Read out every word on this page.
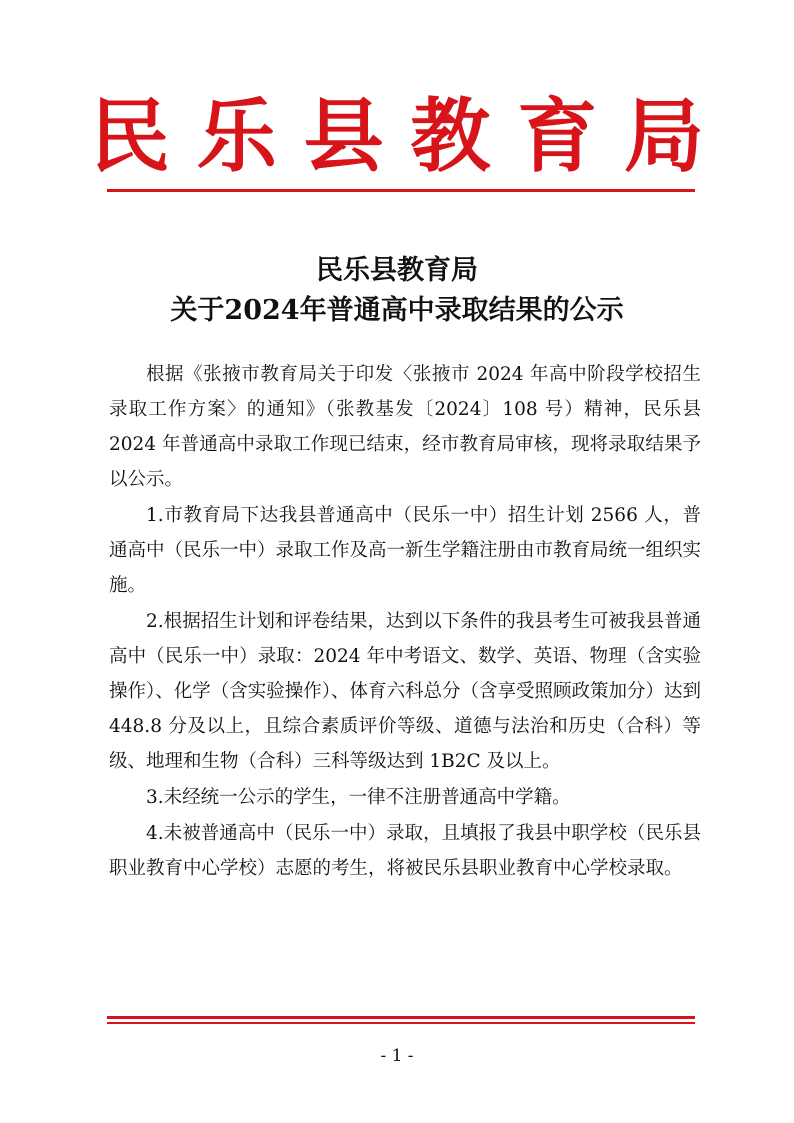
民 乐 县 教 育 局
民乐县教育局
关于2024年普通高中录取结果的公示

根据《张掖市教育局关于印发〈张掖市 2024 年高中阶段学校招生录取工作方案〉的通知》（张教基发〔2024〕108 号）精神，民乐县 2024 年普通高中录取工作现已结束，经市教育局审核，现将录取结果予以公示。

1.市教育局下达我县普通高中（民乐一中）招生计划 2566 人，普通高中（民乐一中）录取工作及高一新生学籍注册由市教育局统一组织实施。

2.根据招生计划和评卷结果，达到以下条件的我县考生可被我县普通高中（民乐一中）录取：2024 年中考语文、数学、英语、物理（含实验操作）、化学（含实验操作）、体育六科总分（含享受照顾政策加分）达到 448.8 分及以上，且综合素质评价等级、道德与法治和历史（合科）等级、地理和生物（合科）三科等级达到 1B2C 及以上。

3.未经统一公示的学生，一律不注册普通高中学籍。

4.未被普通高中（民乐一中）录取，且填报了我县中职学校（民乐县职业教育中心学校）志愿的考生，将被民乐县职业教育中心学校录取。

- 1 -
